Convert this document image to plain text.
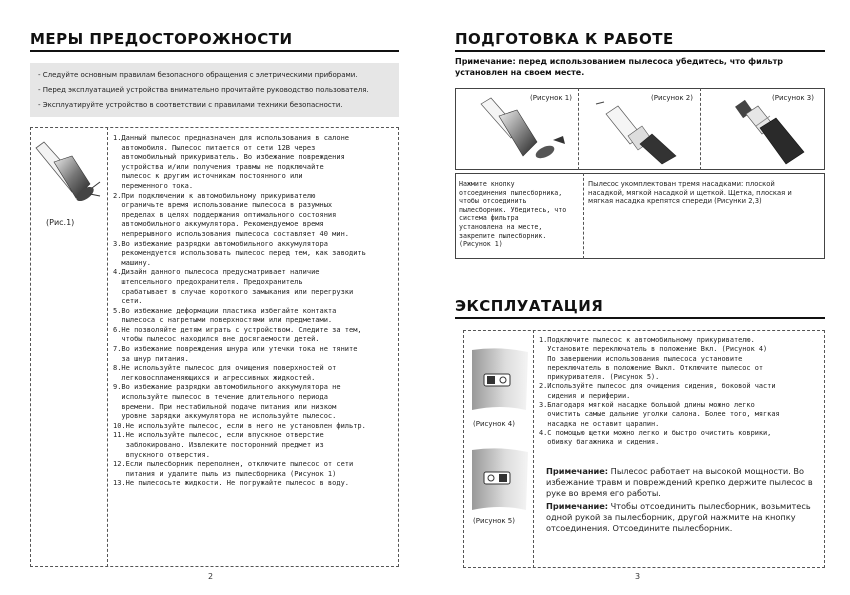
МЕРЫ ПРЕДОСТОРОЖНОСТИ
- Следуйте основным правилам безопасного обращения с элетрическими приборами.
- Перед эксплуатацией устройства внимательно прочитайте руководство пользователя.
- Эксплуатируйте устройство в соответствии с правилами техники безопасности.
(Рис.1)
1.Данный пылесос предназначен для использования в салоне
автомобиля. Пылесос питается от сети 12В через
автомобильный прикуриватель. Во избежание повреждения
устройства и/или получения травмы не подключайте
пылесос к другим источникам постоянного или
переменного тока.
2.При подключении к автомобильному прикуривателю
ограничьте время использование пылесоса в разумных
пределах в целях поддержания оптимального состояния
автомобильного аккумулятора. Рекомендуемое время
непрерывного использования пылесоса составляет 40 мин.
3.Во избежание разрядки автомобильного аккумулятора
рекомендуется использовать пылесос перед тем, как заводить
машину.
4.Дизайн данного пылесоса предусматривает наличие
штепсельного предохранителя. Предохранитель
срабатывает в случае короткого замыкания или перегрузки
сети.
5.Во избежание деформации пластика избегайте контакта
пылесоса с нагретыми поверхностями или предметами.
6.Не позволяйте детям играть с устройством. Следите за тем,
чтобы пылесос находился вне досягаемости детей.
7.Во избежание повреждения шнура или утечки тока не тяните
за шнур питания.
8.Не используйте пылесос для очищения поверхностей от
легковоспламеняющихся и агрессивных жидкостей.
9.Во избежание разрядки автомобильного аккумулятора не
используйте пылесос в течение длительного периода
времени. При нестабильной подаче питания или низком
уровне зарядки аккумулятора не используйте пылесос.
10.Не используйте пылесос, если в него не установлен фильтр.
11.Не используйте пылесос, если впускное отверстие
заблокировано. Извлеките посторонний предмет из
впускного отверстия.
12.Если пылесборник переполнен, отключите пылесос от сети
питания и удалите пыль из пылесборника (Рисунок 1)
13.Не пылесосьте жидкости. Не погружайте пылесос в воду.
2
ПОДГОТОВКА К РАБОТЕ
Примечание: перед использованием пылесоса убедитесь, что фильтр установлен на своем месте.
(Рисунок 1)	(Рисунок 2)	(Рисунок 3)
Нажмите кнопку
отсоединения пылесборника,
чтобы отсоединить
пылесборник. Убедитесь, что
система фильтра
установлена на месте,
закрепите пылесборник.
(Рисунок 1)
Пылесос укомплектован тремя насадками: плоской
насадкой, мягкой насадкой и щеткой. Щетка, плоская и
мягкая насадка крепятся спереди (Рисунки 2,3)
ЭКСПЛУАТАЦИЯ
(Рисунок 4)
(Рисунок 5)
1.Подключите пылесос к автомобильному прикуривателю.
Установите переключатель в положение Вкл. (Рисунок 4)
По завершении использования пылесоса установите
переключатель в положение Выкл. Отключите пылесос от
прикуривателя. (Рисунок 5).
2.Используйте пылесос для очищения сидения, боковой части
сидения и периферии.
3.Благодаря мягкой насадке большой длины можно легко
очистить самые дальние уголки салона. Более того, мягкая
насадка не оставит царапин.
4.С помощью щетки можно легко и быстро очистить коврики,
обивку багажника и сидения.
Примечание: Пылесос работает на высокой мощности. Во избежание травм и повреждений крепко держите пылесос в руке во время его работы.
Примечание: Чтобы отсоединить пылесборник, возьмитесь одной рукой за пылесборник, другой нажмите на кнопку отсоединения. Отсоедините пылесборник.
3
